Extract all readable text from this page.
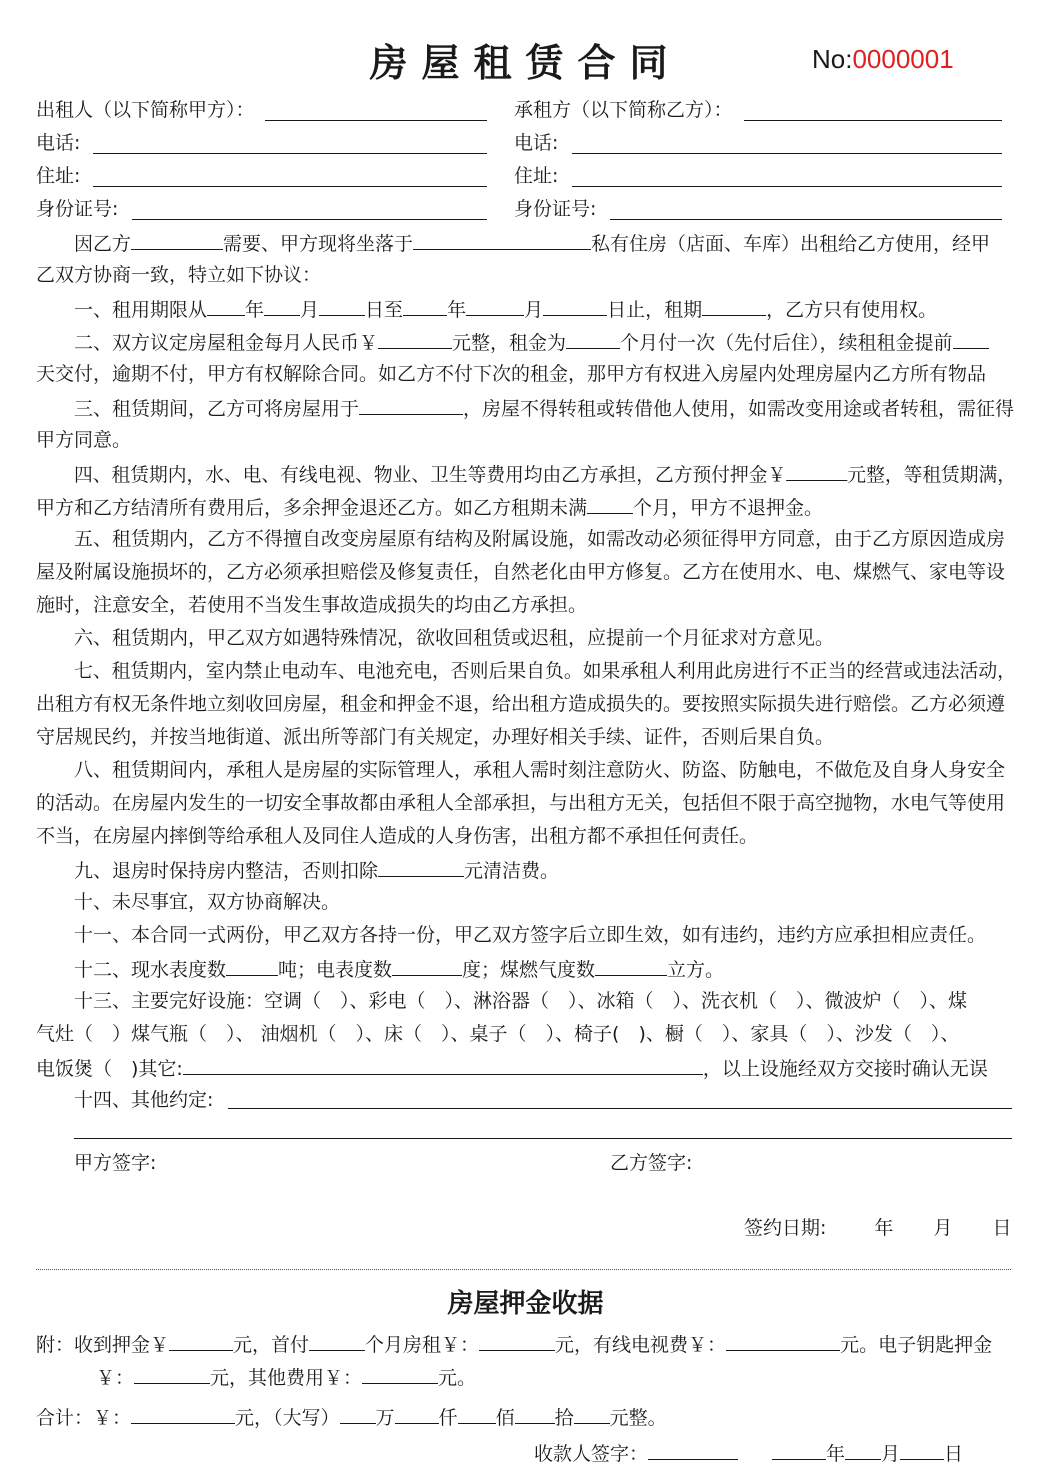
房屋租赁合同	No:0000001
出租人（以下简称甲方）：	承租方（以下简称乙方）：
电话:	电话:
住址:	住址:
身份证号:	身份证号:
因乙方	需要、甲方现将坐落于	私有住房（店面、车库）出租给乙方使用，经甲
乙双方协商一致，特立如下协议：
一、租用期限从 年 月 日至 年	月	日止，租期	，乙方只有使用权。
二、双方议定房屋租金每月人民币￥	元整，租金为	个月付一次（先付后住），续租租金提前
天交付，逾期不付，甲方有权解除合同。如乙方不付下次的租金，那甲方有权进入房屋内处理房屋内乙方所有物品
三、租赁期间，乙方可将房屋用于	，房屋不得转租或转借他人使用，如需改变用途或者转租，需征得
甲方同意。
四、租赁期内，水、电、有线电视、物业、卫生等费用均由乙方承担，乙方预付押金￥	元整，等租赁期满，
甲方和乙方结清所有费用后，多余押金退还乙方。如乙方租期未满 个月，甲方不退押金。
五、租赁期内，乙方不得擅自改变房屋原有结构及附属设施，如需改动必须征得甲方同意，由于乙方原因造成房
屋及附属设施损坏的，乙方必须承担赔偿及修复责任，自然老化由甲方修复。乙方在使用水、电、煤燃气、家电等设
施时，注意安全，若使用不当发生事故造成损失的均由乙方承担。
六、租赁期内，甲乙双方如遇特殊情况，欲收回租赁或迟租，应提前一个月征求对方意见。
七、租赁期内，室内禁止电动车、电池充电，否则后果自负。如果承租人利用此房进行不正当的经营或违法活动，
出租方有权无条件地立刻收回房屋，租金和押金不退，给出租方造成损失的。要按照实际损失进行赔偿。乙方必须遵
守居规民约，并按当地街道、派出所等部门有关规定，办理好相关手续、证件，否则后果自负。
八、租赁期间内，承租人是房屋的实际管理人，承租人需时刻注意防火、防盗、防触电，不做危及自身人身安全
的活动。在房屋内发生的一切安全事故都由承租人全部承担，与出租方无关，包括但不限于高空抛物，水电气等使用
不当，在房屋内摔倒等给承租人及同住人造成的人身伤害，出租方都不承担任何责任。
九、退房时保持房内整洁，否则扣除	元清洁费。
十、未尽事宜，双方协商解决。
十一、本合同一式两份，甲乙双方各持一份，甲乙双方签字后立即生效，如有违约，违约方应承担相应责任。
十二、现水表度数	吨；电表度数	度；煤燃气度数	立方。
十三、主要完好设施：空调（　）、彩电（　）、淋浴器（　）、冰箱（　）、洗衣机（　）、微波炉（　）、煤
气灶（　）煤气瓶（　）、 油烟机（　）、床（　）、桌子（　）、椅子(　)、橱（　）、家具（　）、沙发（　）、
电饭煲（　)其它:	，以上设施经双方交接时确认无误
十四、其他约定:
甲方签字:	乙方签字:
签约日期:	年 月 日
房屋押金收据
附：收到押金￥	元，首付	个月房租￥：	元，有线电视费￥：	元。电子钥匙押金
￥：	元，其他费用￥：	元。
合计：￥：	元，（大写） 万 仟 佰 拾 元整。
收款人签字：	年 月 日
